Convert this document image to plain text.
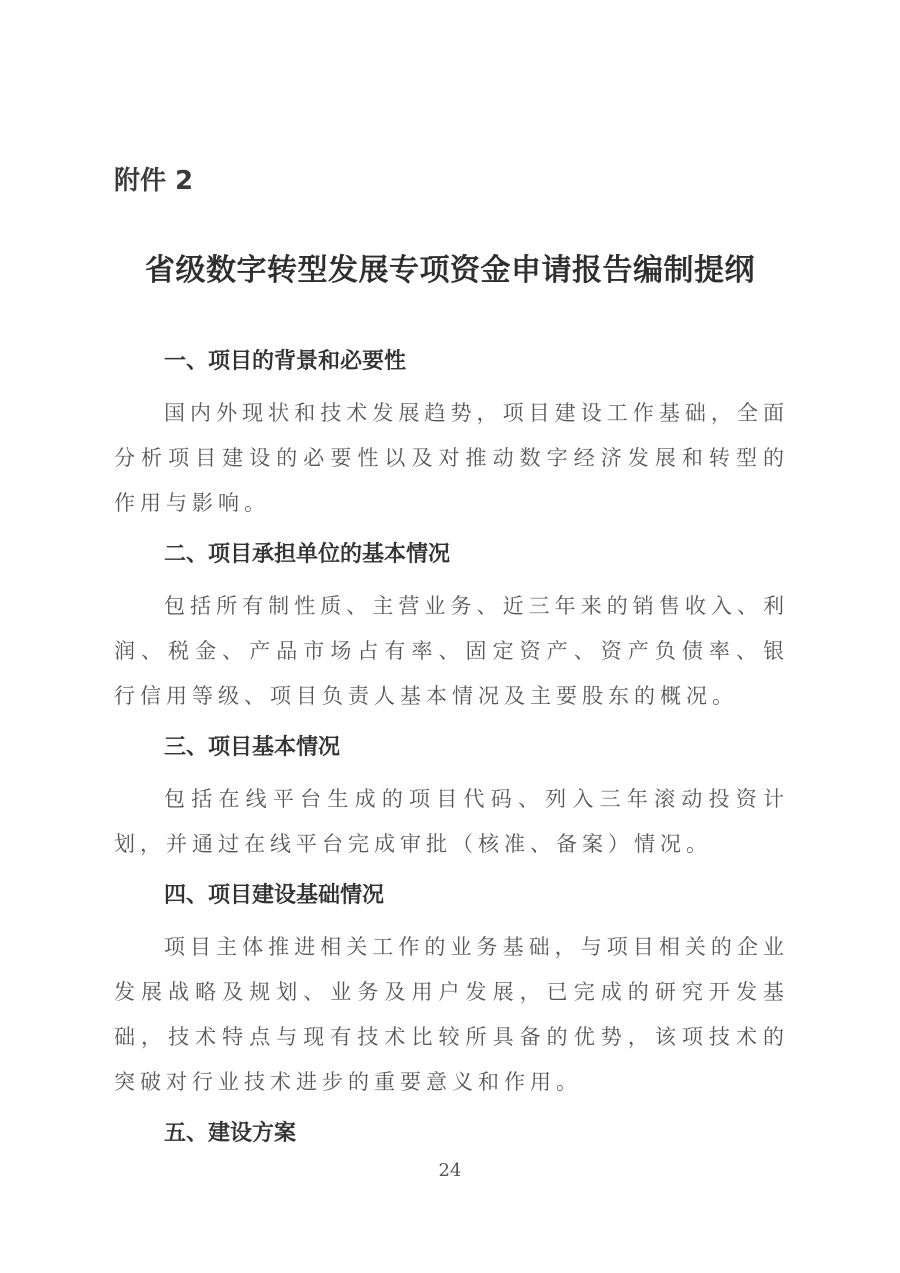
附件 2

省级数字转型发展专项资金申请报告编制提纲
一、项目的背景和必要性

国内外现状和技术发展趋势，项目建设工作基础，全面分析项目建设的必要性以及对推动数字经济发展和转型的作用与影响。

二、项目承担单位的基本情况

包括所有制性质、主营业务、近三年来的销售收入、利润、税金、产品市场占有率、固定资产、资产负债率、银行信用等级、项目负责人基本情况及主要股东的概况。

三、项目基本情况

包括在线平台生成的项目代码、列入三年滚动投资计划，并通过在线平台完成审批（核准、备案）情况。

四、项目建设基础情况

项目主体推进相关工作的业务基础，与项目相关的企业发展战略及规划、业务及用户发展，已完成的研究开发基础，技术特点与现有技术比较所具备的优势，该项技术的突破对行业技术进步的重要意义和作用。

五、建设方案
24
